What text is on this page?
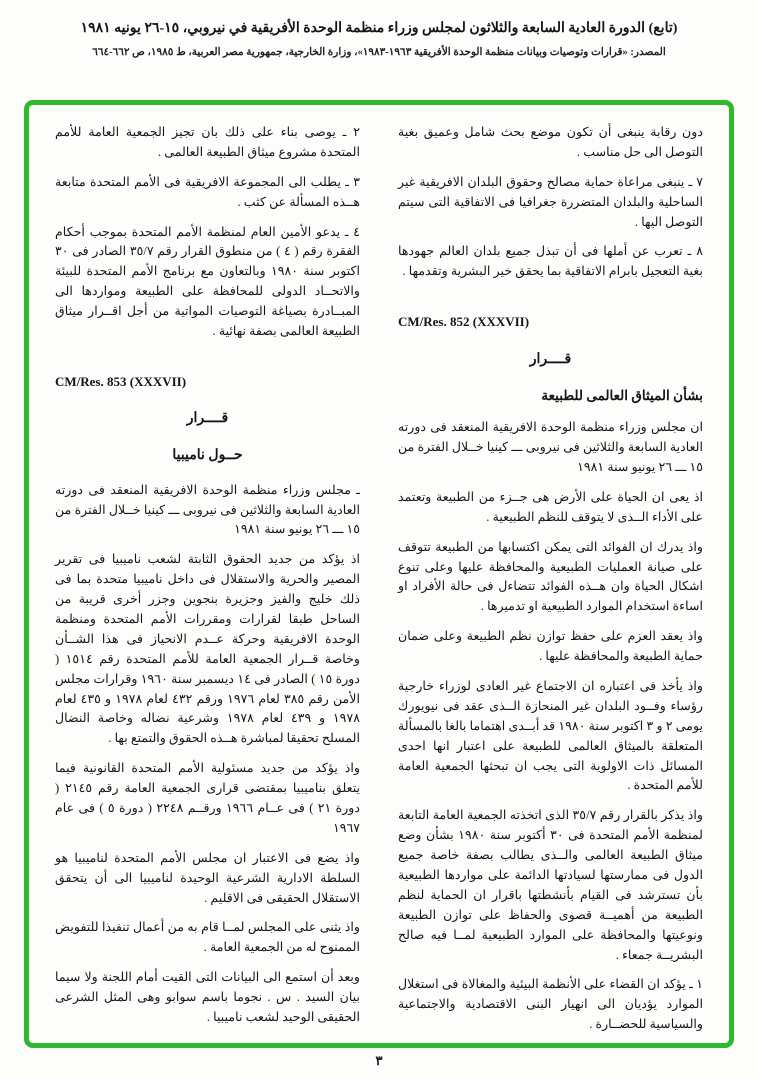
(تابع) الدورة العادية السابعة والثلاثون لمجلس وزراء منظمة الوحدة الأفريقية في نيروبي، ١٥-٢٦ يونيه ١٩٨١
المصدر: «قرارات وتوصيات وبيانات منظمة الوحدة الأفريقية ١٩٦٣-١٩٨٣»، وزارة الخارجية، جمهورية مصر العربية، ط ١٩٨٥، ص ٦٦٢-٦٦٤

دون رقابة ينبغى أن تكون موضع بحث شامل وعميق بغية التوصل الى حل مناسب .

٧ ـ ينبغى مراعاة حماية مصالح وحقوق البلدان الافريقية غير الساحلية والبلدان المتضررة جغرافيا فى الاتفاقية التى سيتم التوصل اليها .

٨ ـ تعرب عن أملها فى أن تبذل جميع بلدان العالم جهودها بغية التعجيل بابرام الاتفاقية بما يحقق خير البشرية وتقدمها .

CM/Res. 852 (XXXVII)

قــــرار

بشأن الميثاق العالمى للطبيعة

ان مجلس وزراء منظمة الوحدة الافريقية المنعقد فى دورته العادية السابعة والثلاثين فى نيروبى ـــ كينيا خــلال الفترة من ١٥ ـــ ٢٦ يونيو سنة ١٩٨١

اذ يعى ان الحياة على الأرض هى جــزء من الطبيعة وتعتمد على الأداء الــذى لا يتوقف للنظم الطبيعية .

واذ يدرك ان الفوائد التى يمكن اكتسابها من الطبيعة تتوقف على صيانة العمليات الطبيعية والمحافظة عليها وعلى تنوع اشكال الحياة وان هــذه الفوائد تتضاءل فى حالة الأفراد او اساءة استخدام الموارد الطبيعية او تدميرها .

واذ يعقد العزم على حفظ توازن نظم الطبيعة وعلى ضمان حماية الطبيعة والمحافظة عليها .

واذ يأخذ فى اعتباره ان الاجتماع غير العادى لوزراء خارجية رؤساء وفــود البلدان غير المنحازة الــذى عقد فى نيويورك يومى ٢ و ٣ اكتوبر سنة ١٩٨٠ قد أبــدى اهتماما بالغا بالمسألة المتعلقة بالميثاق العالمى للطبيعة على اعتبار انها احدى المسائل ذات الاولوية التى يجب ان تبحثها الجمعية العامة للأمم المتحدة .

واذ يذكر بالقرار رقم ٣٥/٧ الذى اتخذته الجمعية العامة التابعة لمنظمة الأمم المتحدة فى ٣٠ أكتوبر سنة ١٩٨٠ بشأن وضع ميثاق الطبيعة العالمى والــذى يطالب بصفة خاصة جميع الدول فى ممارستها لسيادتها الدائمة على مواردها الطبيعية بأن تسترشد فى القيام بأنشطتها باقرار ان الحماية لنظم الطبيعة من أهميــة قصوى والحفاظ على توازن الطبيعة ونوعيتها والمحافظة على الموارد الطبيعية لمــا فيه صالح البشريــة جمعاء .

١ ـ يؤكد ان القضاء على الأنظمة البيئية والمغالاة فى استغلال الموارد يؤديان الى انهيار البنى الاقتصادية والاجتماعية والسياسية للحضــارة .

٢ ـ يوصى بناء على ذلك بان تجيز الجمعية العامة للأمم المتحدة مشروع ميثاق الطبيعة العالمى .

٣ ـ يطلب الى المجموعة الافريقية فى الأمم المتحدة متابعة هــذه المسألة عن كثب .

٤ ـ يدعو الأمين العام لمنظمة الأمم المتحدة بموجب أحكام الفقرة رقم ( ٤ ) من منطوق القرار رقم ٣٥/٧ الصادر فى ٣٠ اكتوبر سنة ١٩٨٠ وبالتعاون مع برنامج الأمم المتحدة للبيئة والاتحــاد الدولى للمحافظة على الطبيعة ومواردها الى المبــادرة بصياغة التوصيات المواتية من أجل اقــرار ميثاق الطبيعة العالمى بصفة نهائية .

CM/Res. 853 (XXXVII)

قــــرار

حــول ناميبيا

ـ مجلس وزراء منظمة الوحدة الافريقية المنعقد فى دورته العادية السابعة والثلاثين فى نيروبى ـــ كينيا خــلال الفترة من ١٥ ـــ ٢٦ يونيو سنة ١٩٨١

اذ يؤكد من جديد الحقوق الثابتة لشعب ناميبيا فى تقرير المصير والحرية والاستقلال فى داخل ناميبيا متحدة بما فى ذلك خليج والفيز وجزيرة بنجوين وجزر أخرى قريبة من الساحل طبقا لقرارات ومقررات الأمم المتحدة ومنظمة الوحدة الافريقية وحركة عــدم الانحياز فى هذا الشــأن وخاصة قــرار الجمعية العامة للأمم المتحدة رقم ١٥١٤ ( دورة ١٥ ) الصادر فى ١٤ ديسمبر سنة ١٩٦٠ وقرارات مجلس الأمن رقم ٣٨٥ لعام ١٩٧٦ ورقم ٤٣٢ لعام ١٩٧٨ و ٤٣٥ لعام ١٩٧٨ و ٤٣٩ لعام ١٩٧٨ وشرعية نضاله وخاصة النضال المسلح تحقيقا لمباشرة هــذه الحقوق والتمتع بها .

واذ يؤكد من جديد مسئولية الأمم المتحدة القانونية فيما يتعلق بناميبيا بمقتضى قرارى الجمعية العامة رقم ٢١٤٥ ( دورة ٢١ ) فى عــام ١٩٦٦ ورقــم ٢٢٤٨ ( دورة ٥ ) فى عام ١٩٦٧

واذ يضع فى الاعتبار ان مجلس الأمم المتحدة لناميبيا هو السلطة الادارية الشرعية الوحيدة لناميبيا الى أن يتحقق الاستقلال الحقيقى فى الاقليم .

واذ يثنى على المجلس لمــا قام به من أعمال تنفيذا للتفويض الممنوح له من الجمعية العامة .

وبعد أن استمع الى البيانات التى القيت أمام اللجنة ولا سيما بيان السيد . س . نجوما باسم سوابو وهى المثل الشرعى الحقيقى الوحيد لشعب ناميبيا .

٣
